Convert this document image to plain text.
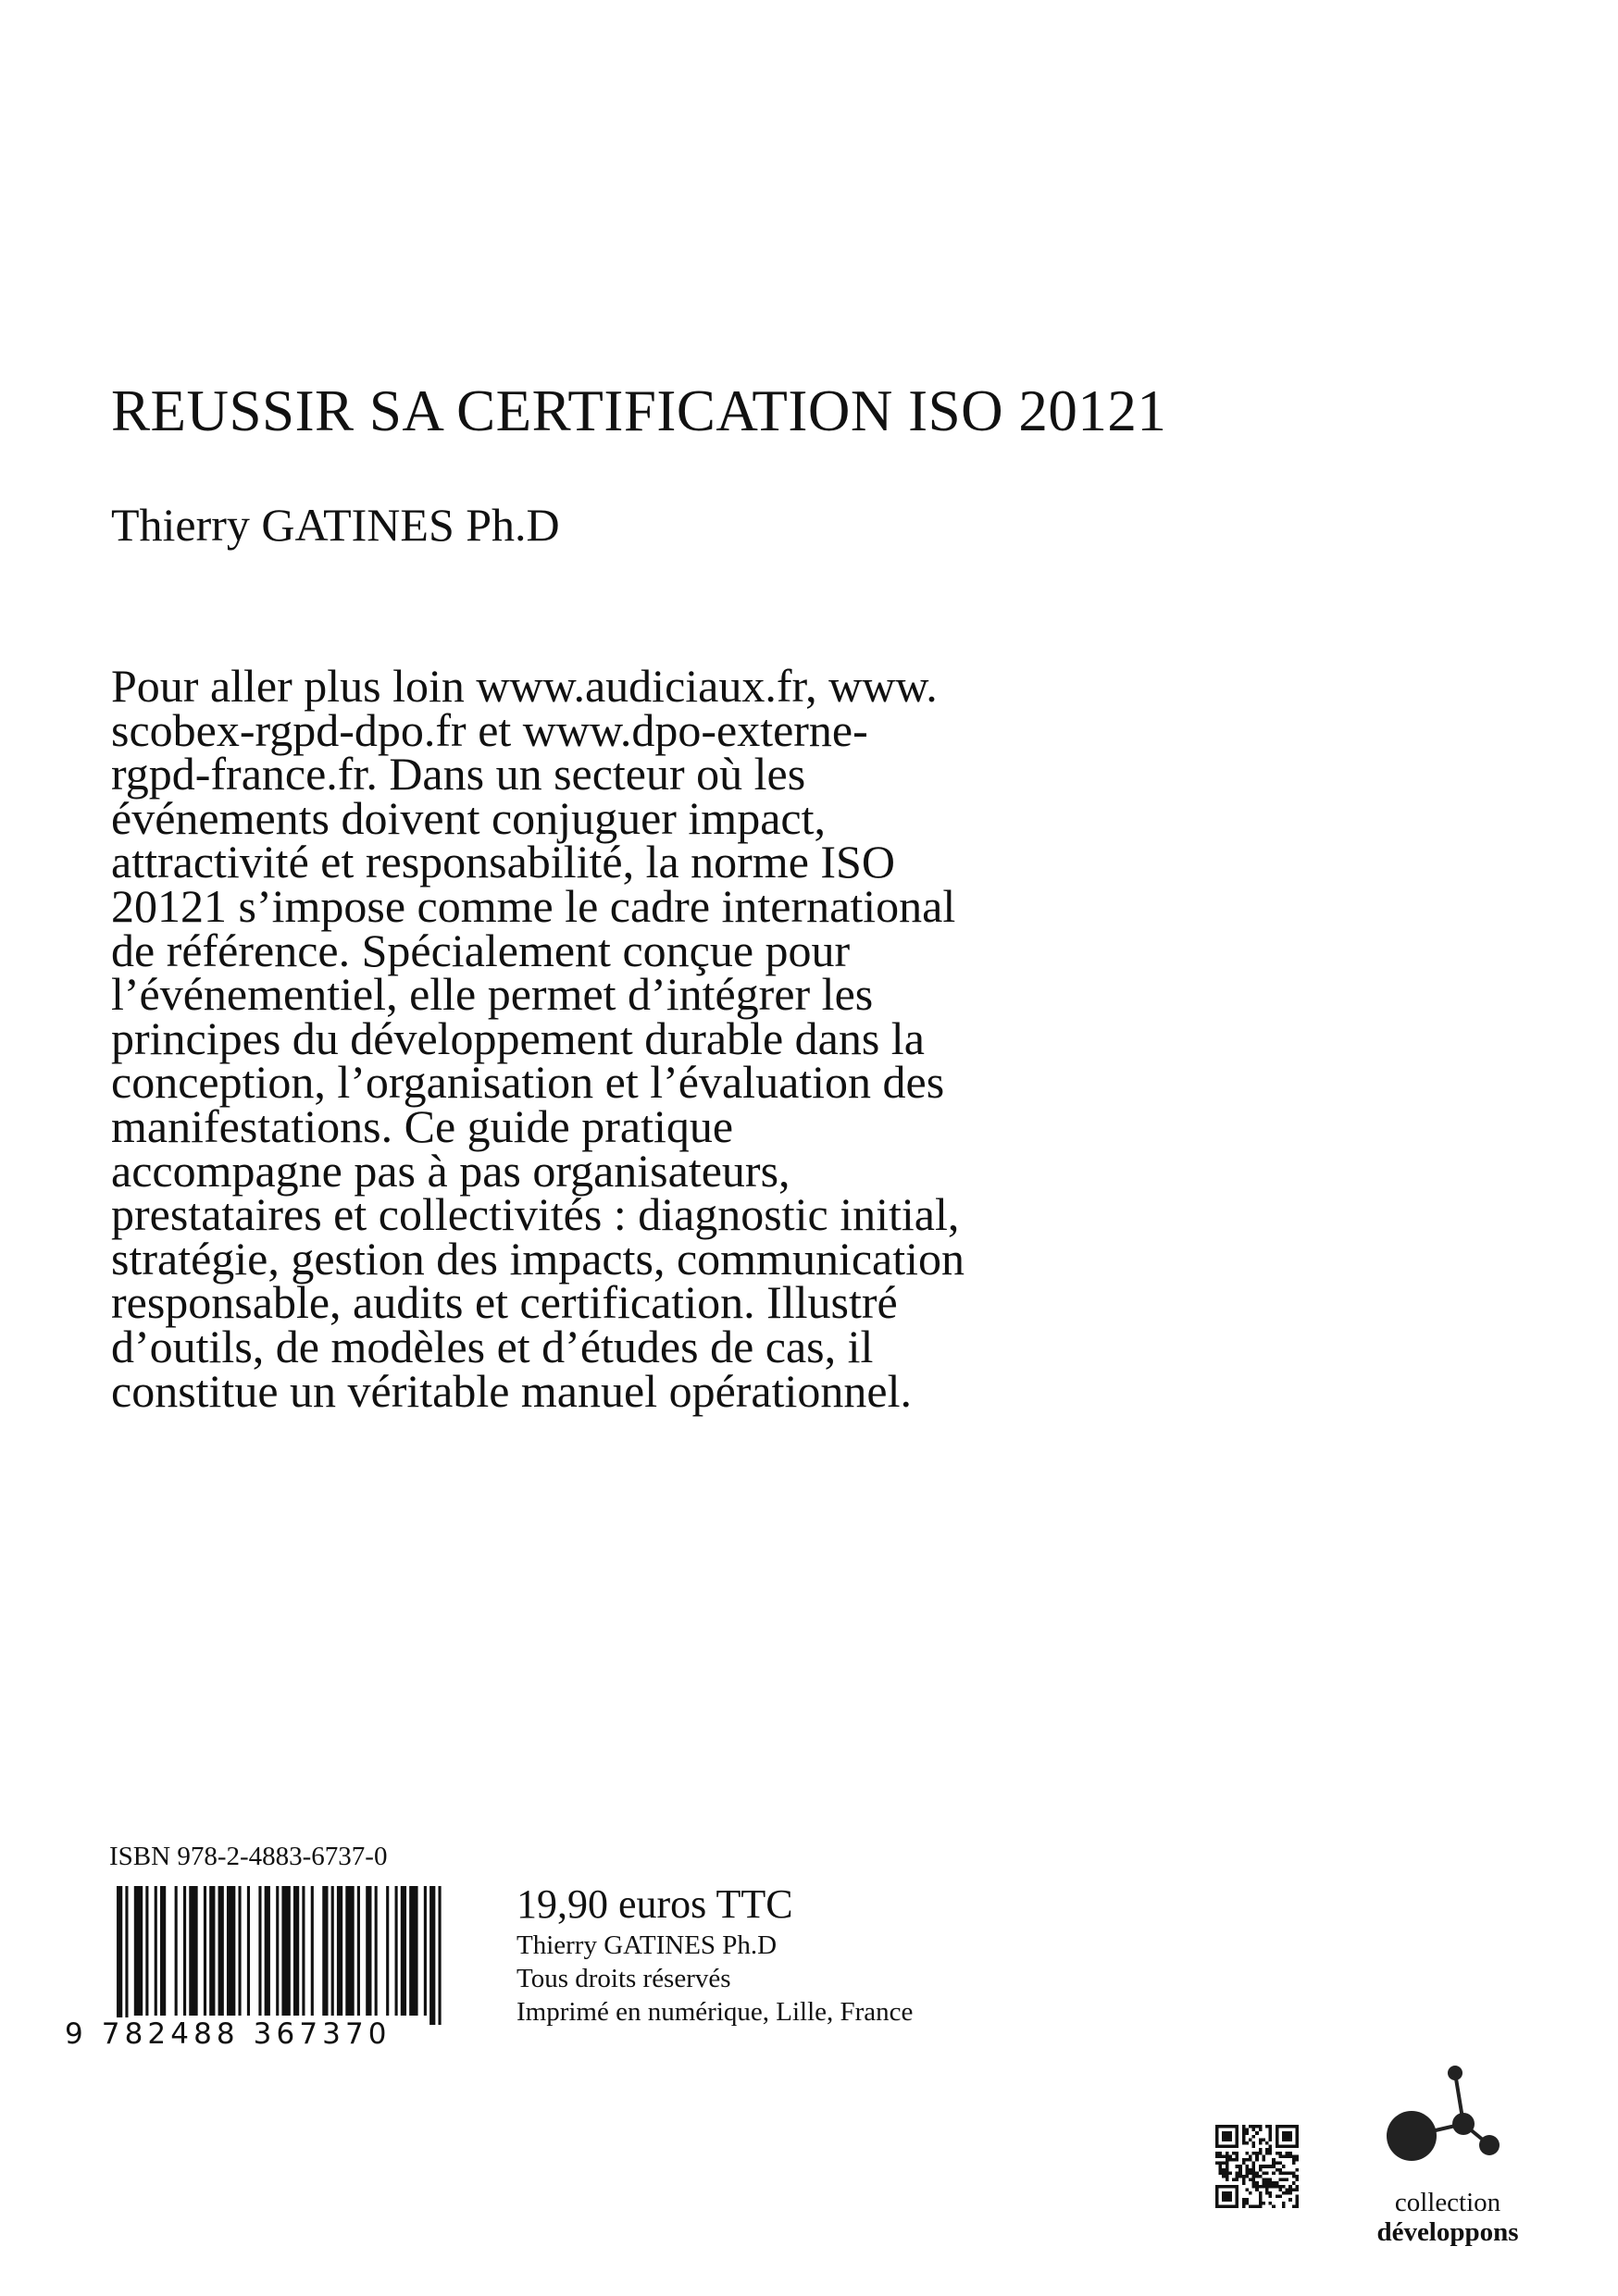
REUSSIR SA CERTIFICATION ISO 20121
Thierry GATINES Ph.D
Pour aller plus loin www.audiciaux.fr, www.
scobex-rgpd-dpo.fr et www.dpo-externe-
rgpd-france.fr. Dans un secteur où les
événements doivent conjuguer impact,
attractivité et responsabilité, la norme ISO
20121 s’impose comme le cadre international
de référence. Spécialement conçue pour
l’événementiel, elle permet d’intégrer les
principes du développement durable dans la
conception, l’organisation et l’évaluation des
manifestations. Ce guide pratique
accompagne pas à pas organisateurs,
prestataires et collectivités : diagnostic initial,
stratégie, gestion des impacts, communication
responsable, audits et certification. Illustré
d’outils, de modèles et d’études de cas, il
constitue un véritable manuel opérationnel.
ISBN 978-2-4883-6737-0
9 782488 367370
19,90 euros TTC
Thierry GATINES Ph.D
Tous droits réservés
Imprimé en numérique, Lille, France
collection
développons
